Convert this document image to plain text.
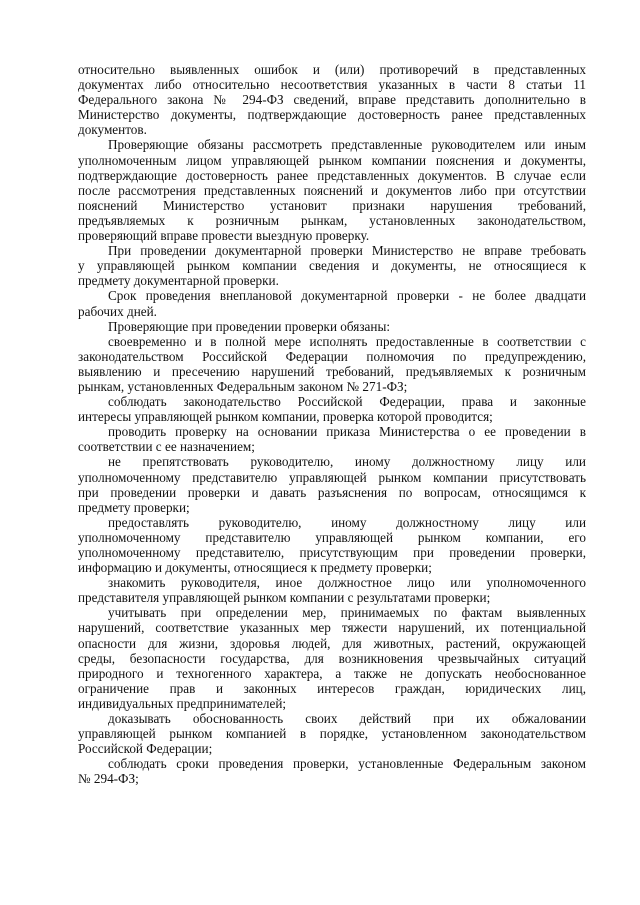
относительно выявленных ошибок и (или) противоречий в представленных
документах либо относительно несоответствия указанных в части 8 статьи 11
Федерального закона № 294-ФЗ сведений, вправе представить дополнительно в
Министерство документы, подтверждающие достоверность ранее представленных
документов.
Проверяющие обязаны рассмотреть представленные руководителем или иным
уполномоченным лицом управляющей рынком компании пояснения и документы,
подтверждающие достоверность ранее представленных документов. В случае если
после рассмотрения представленных пояснений и документов либо при отсутствии
пояснений Министерство установит признаки нарушения требований,
предъявляемых к розничным рынкам, установленных законодательством,
проверяющий вправе провести выездную проверку.
При проведении документарной проверки Министерство не вправе требовать
у управляющей рынком компании сведения и документы, не относящиеся к
предмету документарной проверки.
Срок проведения внеплановой документарной проверки - не более двадцати
рабочих дней.
Проверяющие при проведении проверки обязаны:
своевременно и в полной мере исполнять предоставленные в соответствии с
законодательством Российской Федерации полномочия по предупреждению,
выявлению и пресечению нарушений требований, предъявляемых к розничным
рынкам, установленных Федеральным законом № 271-ФЗ;
соблюдать законодательство Российской Федерации, права и законные
интересы управляющей рынком компании, проверка которой проводится;
проводить проверку на основании приказа Министерства о ее проведении в
соответствии с ее назначением;
не препятствовать руководителю, иному должностному лицу или
уполномоченному представителю управляющей рынком компании присутствовать
при проведении проверки и давать разъяснения по вопросам, относящимся к
предмету проверки;
предоставлять руководителю, иному должностному лицу или
уполномоченному представителю управляющей рынком компании, его
уполномоченному представителю, присутствующим при проведении проверки,
информацию и документы, относящиеся к предмету проверки;
знакомить руководителя, иное должностное лицо или уполномоченного
представителя управляющей рынком компании с результатами проверки;
учитывать при определении мер, принимаемых по фактам выявленных
нарушений, соответствие указанных мер тяжести нарушений, их потенциальной
опасности для жизни, здоровья людей, для животных, растений, окружающей
среды, безопасности государства, для возникновения чрезвычайных ситуаций
природного и техногенного характера, а также не допускать необоснованное
ограничение прав и законных интересов граждан, юридических лиц,
индивидуальных предпринимателей;
доказывать обоснованность своих действий при их обжаловании
управляющей рынком компанией в порядке, установленном законодательством
Российской Федерации;
соблюдать сроки проведения проверки, установленные Федеральным законом
№ 294-ФЗ;
